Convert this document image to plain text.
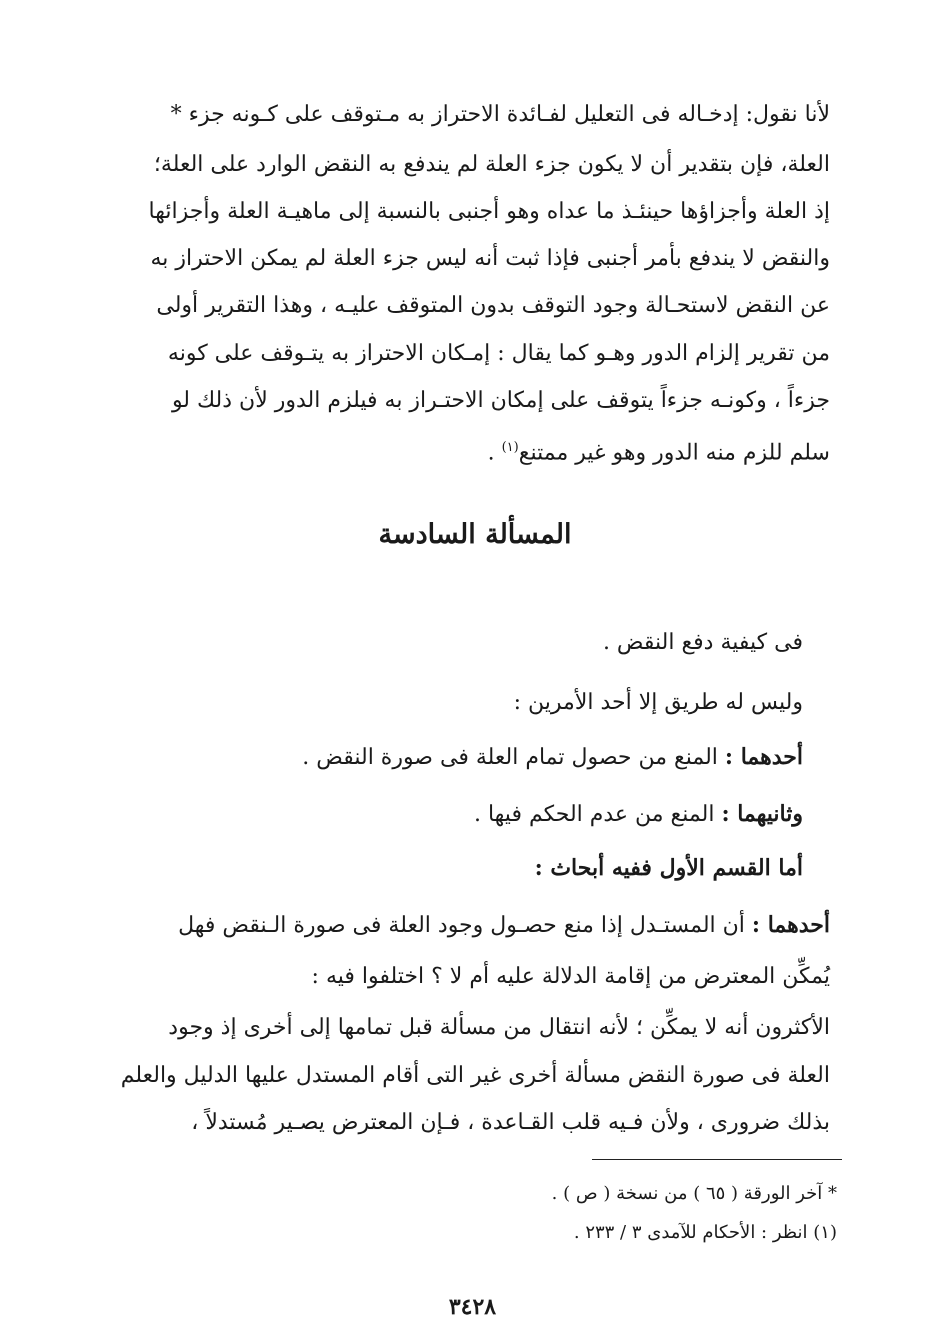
لأنا نقول: إدخـاله فى التعليل لفـائدة الاحتراز به مـتوقف على كـونه جزء *
العلة، فإن بتقدير أن لا يكون جزء العلة لم يندفع به النقض الوارد على العلة؛
إذ العلة وأجزاؤها حينئـذ ما عداه وهو أجنبى بالنسبة إلى ماهيـة العلة وأجزائها
والنقض لا يندفع بأمر أجنبى فإذا ثبت أنه ليس جزء العلة لم يمكن الاحتراز به
عن النقض لاستحـالة وجود التوقف بدون المتوقف عليـه ، وهذا التقرير أولى
من تقرير إلزام الدور وهـو كما يقال : إمـكان الاحتراز به يتـوقف على كونه
جزءاً ، وكونـه جزءاً يتوقف على إمكان الاحتـراز به فيلزم الدور لأن ذلك لو
سلم للزم منه الدور وهو غير ممتنع$^{(١)}$ .
المسألة السادسة
فى كيفية دفع النقض .
وليس له طريق إلا أحد الأمرين :
أحدهما : المنع من حصول تمام العلة فى صورة النقض .
وثانيهما : المنع من عدم الحكم فيها .
أما القسم الأول ففيه أبحاث :
أحدهما : أن المستـدل إذا منع حصـول وجود العلة فى صورة الـنقض فهل
يُمكِّن المعترض من إقامة الدلالة عليه أم لا ؟ اختلفوا فيه :
الأكثرون أنه لا يمكِّن ؛ لأنه انتقال من مسألة قبل تمامها إلى أخرى إذ وجود
العلة فى صورة النقض مسألة أخرى غير التى أقام المستدل عليها الدليل والعلم
بذلك ضرورى ، ولأن فـيه قلب القـاعدة ، فـإن المعترض يصـير مُستدلاً ،
* آخر الورقة ( ٦٥ ) من نسخة ( ص ) .
(١) انظر : الأحكام للآمدى ٣ / ٢٣٣ .
٣٤٢٨
